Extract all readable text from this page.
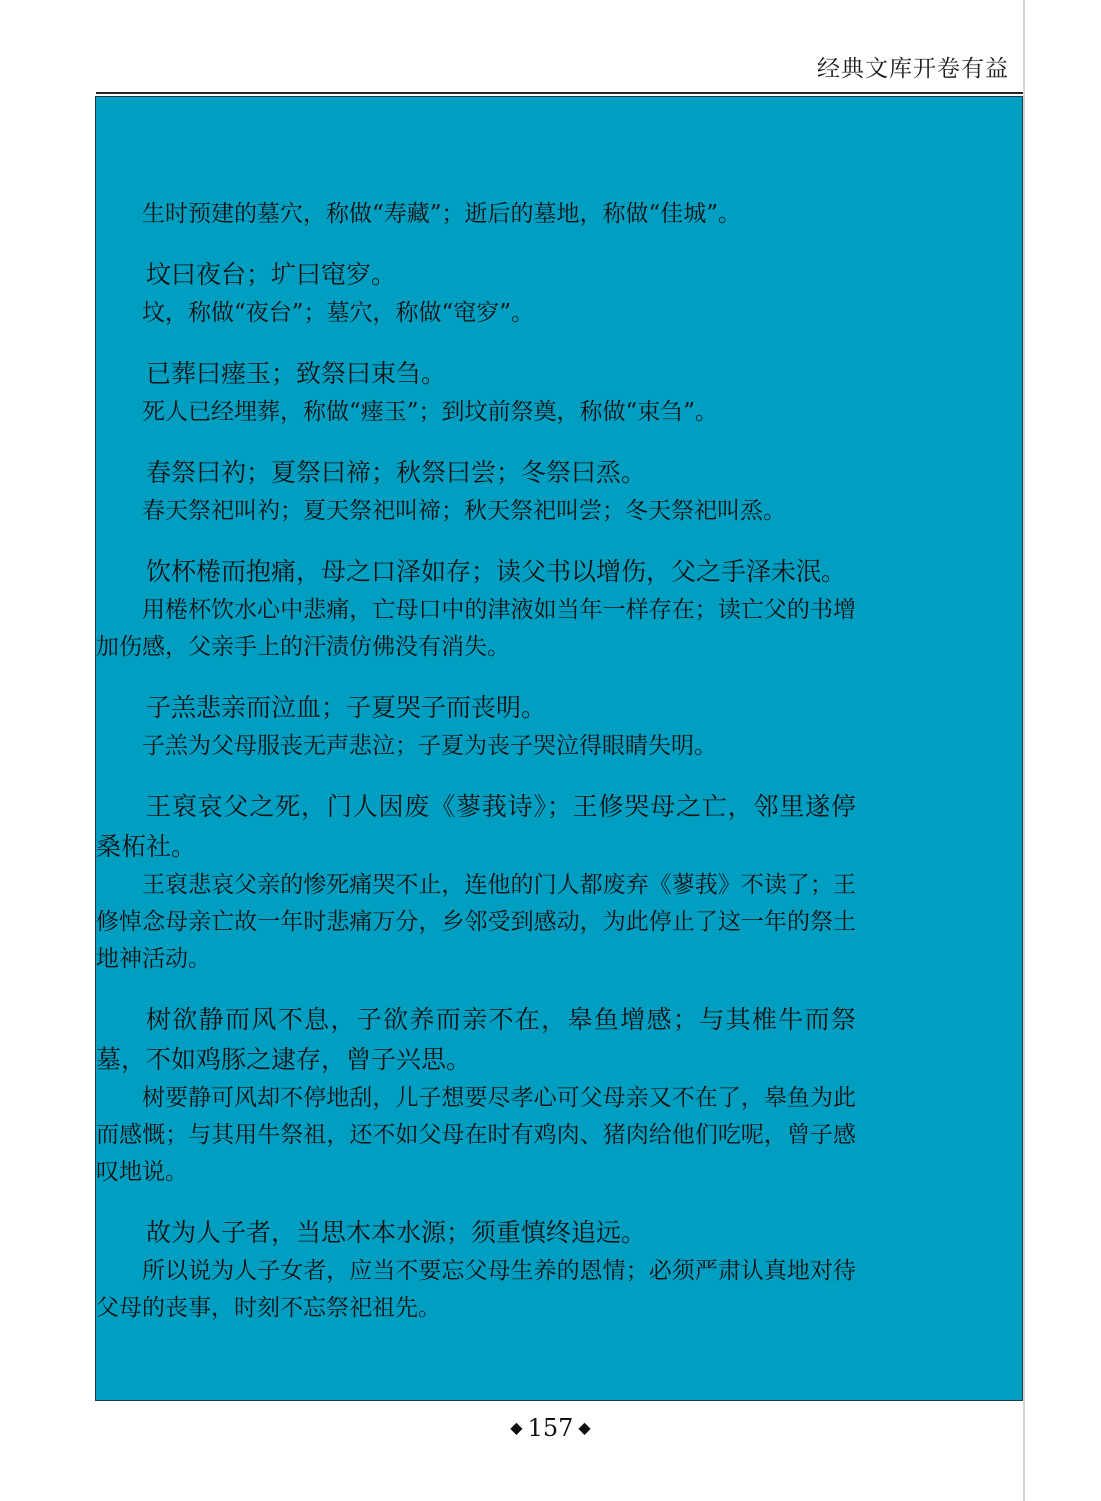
经典文库开卷有益

生时预建的墓穴，称做“寿藏”；逝后的墓地，称做“佳城”。

坟曰夜台；圹曰窀穸。

坟，称做“夜台”；墓穴，称做“窀穸”。

已葬曰瘗玉；致祭曰束刍。

死人已经埋葬，称做“瘗玉”；到坟前祭奠，称做“束刍”。

春祭曰礿；夏祭曰禘；秋祭曰尝；冬祭曰烝。

春天祭祀叫礿；夏天祭祀叫禘；秋天祭祀叫尝；冬天祭祀叫烝。

饮杯棬而抱痛，母之口泽如存；读父书以增伤，父之手泽未泯。

用棬杯饮水心中悲痛，亡母口中的津液如当年一样存在；读亡父的书增加伤感，父亲手上的汗渍仿佛没有消失。

子羔悲亲而泣血；子夏哭子而丧明。

子羔为父母服丧无声悲泣；子夏为丧子哭泣得眼睛失明。

王裒哀父之死，门人因废《蓼莪诗》；王修哭母之亡，邻里遂停桑柘社。

王裒悲哀父亲的惨死痛哭不止，连他的门人都废弃《蓼莪》不读了；王修悼念母亲亡故一年时悲痛万分，乡邻受到感动，为此停止了这一年的祭土地神活动。

树欲静而风不息，子欲养而亲不在，皋鱼增感；与其椎牛而祭墓，不如鸡豚之逮存，曾子兴思。

树要静可风却不停地刮，儿子想要尽孝心可父母亲又不在了，皋鱼为此而感慨；与其用牛祭祖，还不如父母在时有鸡肉、猪肉给他们吃呢，曾子感叹地说。

故为人子者，当思木本水源；须重慎终追远。

所以说为人子女者，应当不要忘父母生养的恩情；必须严肃认真地对待父母的丧事，时刻不忘祭祀祖先。

◆ 157 ◆
